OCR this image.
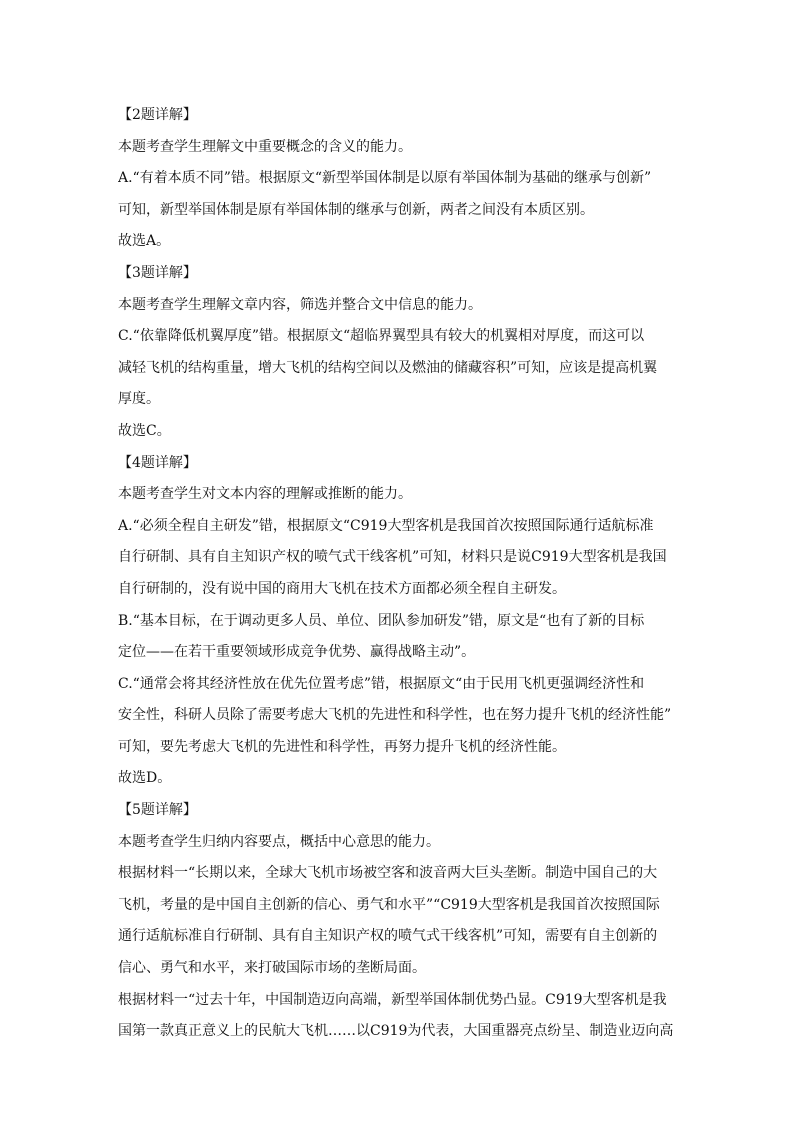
【2题详解】
本题考查学生理解文中重要概念的含义的能力。
A.“有着本质不同”错。根据原文“新型举国体制是以原有举国体制为基础的继承与创新”
可知，新型举国体制是原有举国体制的继承与创新，两者之间没有本质区别。
故选A。
【3题详解】
本题考查学生理解文章内容，筛选并整合文中信息的能力。
C.“依靠降低机翼厚度”错。根据原文“超临界翼型具有较大的机翼相对厚度，而这可以
减轻飞机的结构重量，增大飞机的结构空间以及燃油的储藏容积”可知，应该是提高机翼
厚度。
故选C。
【4题详解】
本题考查学生对文本内容的理解或推断的能力。
A.“必须全程自主研发”错，根据原文“C919大型客机是我国首次按照国际通行适航标准
自行研制、具有自主知识产权的喷气式干线客机”可知，材料只是说C919大型客机是我国
自行研制的，没有说中国的商用大飞机在技术方面都必须全程自主研发。
B.“基本目标，在于调动更多人员、单位、团队参加研发”错，原文是“也有了新的目标
定位——在若干重要领域形成竞争优势、赢得战略主动”。
C.“通常会将其经济性放在优先位置考虑”错，根据原文“由于民用飞机更强调经济性和
安全性，科研人员除了需要考虑大飞机的先进性和科学性，也在努力提升飞机的经济性能”
可知，要先考虑大飞机的先进性和科学性，再努力提升飞机的经济性能。
故选D。
【5题详解】
本题考查学生归纳内容要点，概括中心意思的能力。
根据材料一“长期以来，全球大飞机市场被空客和波音两大巨头垄断。制造中国自己的大
飞机，考量的是中国自主创新的信心、勇气和水平”“C919大型客机是我国首次按照国际
通行适航标准自行研制、具有自主知识产权的喷气式干线客机”可知，需要有自主创新的
信心、勇气和水平，来打破国际市场的垄断局面。
根据材料一“过去十年，中国制造迈向高端，新型举国体制优势凸显。C919大型客机是我
国第一款真正意义上的民航大飞机……以C919为代表，大国重器亮点纷呈、制造业迈向高
